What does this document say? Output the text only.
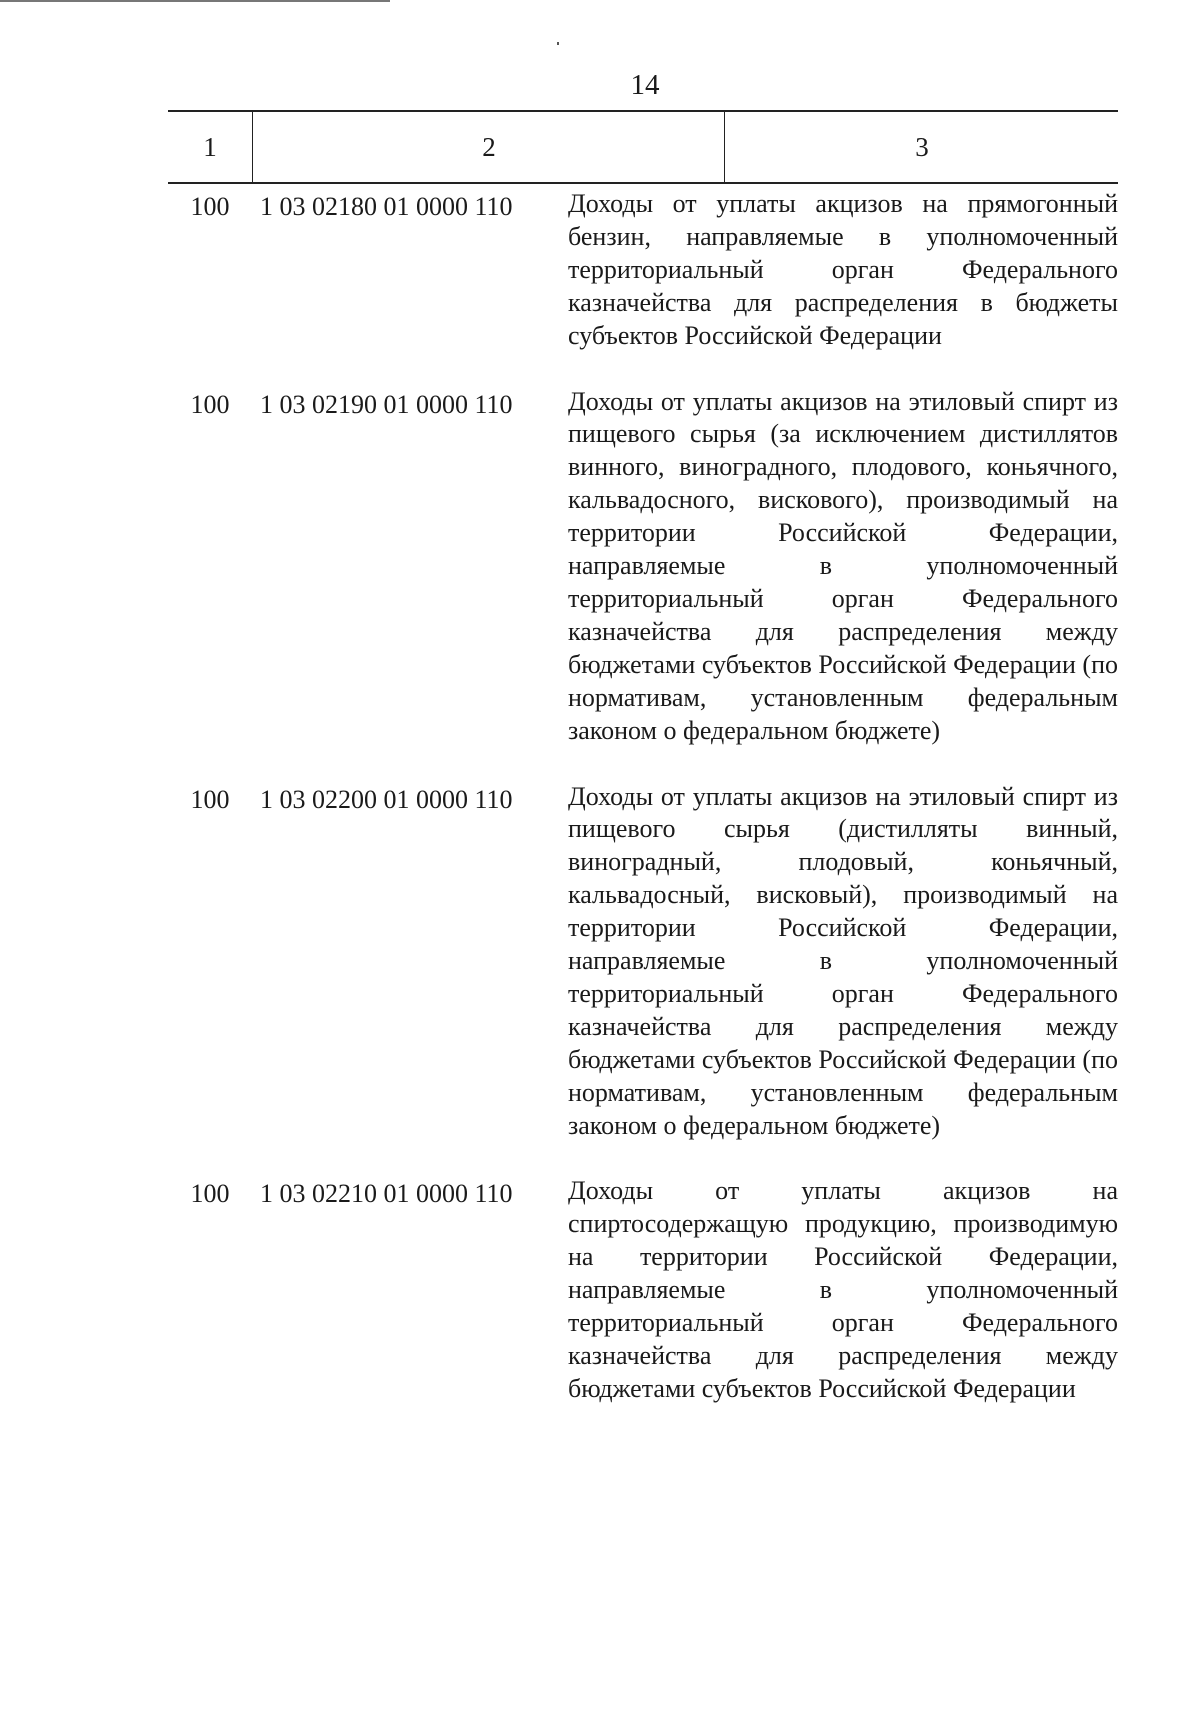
14
1	2	3
100	1 03 02180 01 0000 110	Доходы от уплаты акцизов на прямогонный бензин, направляемые в уполномоченный территориальный орган Федерального казначейства для распределения в бюджеты субъектов Российской Федерации

100	1 03 02190 01 0000 110	Доходы от уплаты акцизов на этиловый спирт из пищевого сырья (за исключением дистиллятов винного, виноградного, плодового, коньячного, кальвадосного, вискового), производимый на территории Российской Федерации, направляемые в уполномоченный территориальный орган Федерального казначейства для распределения между бюджетами субъектов Российской Федерации (по нормативам, установленным федеральным законом о федеральном бюджете)

100	1 03 02200 01 0000 110	Доходы от уплаты акцизов на этиловый спирт из пищевого сырья (дистилляты винный, виноградный, плодовый, коньячный, кальвадосный, висковый), производимый на территории Российской Федерации, направляемые в уполномоченный территориальный орган Федерального казначейства для распределения между бюджетами субъектов Российской Федерации (по нормативам, установленным федеральным законом о федеральном бюджете)

100	1 03 02210 01 0000 110	Доходы от уплаты акцизов на спиртосодержащую продукцию, производимую на территории Российской Федерации, направляемые в уполномоченный территориальный орган Федерального казначейства для распределения между бюджетами субъектов Российской Федерации
